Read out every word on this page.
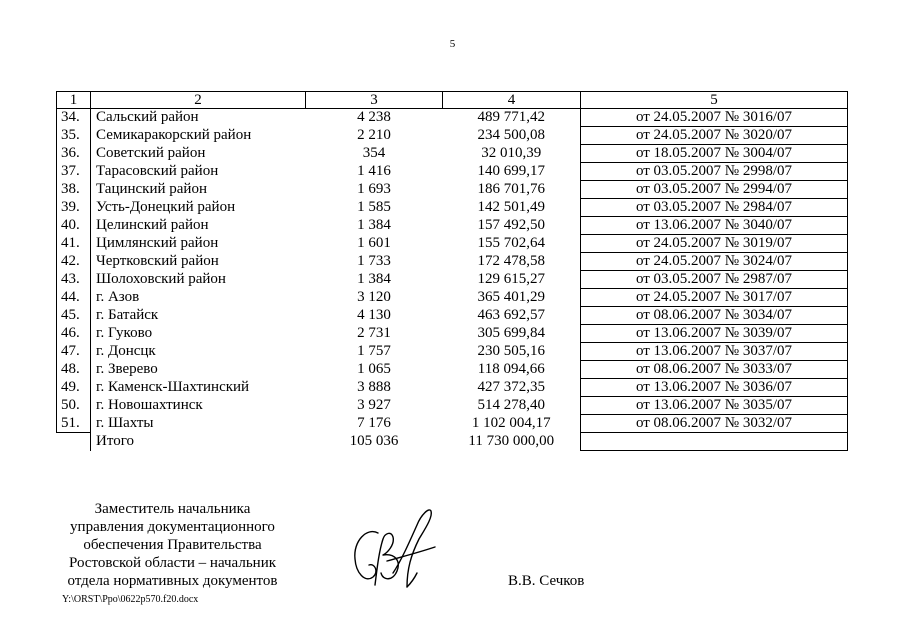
5
1	2	3	4	5
34.	Сальский район	4 238	489 771,42	от 24.05.2007 № 3016/07
35.	Семикаракорский район	2 210	234 500,08	от 24.05.2007 № 3020/07
36.	Советский район	354	32 010,39	от 18.05.2007 № 3004/07
37.	Тарасовский район	1 416	140 699,17	от 03.05.2007 № 2998/07
38.	Тацинский район	1 693	186 701,76	от 03.05.2007 № 2994/07
39.	Усть-Донецкий район	1 585	142 501,49	от 03.05.2007 № 2984/07
40.	Целинский район	1 384	157 492,50	от 13.06.2007 № 3040/07
41.	Цимлянский район	1 601	155 702,64	от 24.05.2007 № 3019/07
42.	Чертковский район	1 733	172 478,58	от 24.05.2007 № 3024/07
43.	Шолоховский район	1 384	129 615,27	от 03.05.2007 № 2987/07
44.	г. Азов	3 120	365 401,29	от 24.05.2007 № 3017/07
45.	г. Батайск	4 130	463 692,57	от 08.06.2007 № 3034/07
46.	г. Гуково	2 731	305 699,84	от 13.06.2007 № 3039/07
47.	г. Донсцк	1 757	230 505,16	от 13.06.2007 № 3037/07
48.	г. Зверево	1 065	118 094,66	от 08.06.2007 № 3033/07
49.	г. Каменск-Шахтинский	3 888	427 372,35	от 13.06.2007 № 3036/07
50.	г. Новошахтинск	3 927	514 278,40	от 13.06.2007 № 3035/07
51.	г. Шахты	7 176	1 102 004,17	от 08.06.2007 № 3032/07
	Итого	105 036	11 730 000,00	
Заместитель начальника
управления документационного
обеспечения Правительства
Ростовской области – начальник
отдела нормативных документов	В.В. Сечков
Y:\ORST\Ppo\0622p570.f20.docx
